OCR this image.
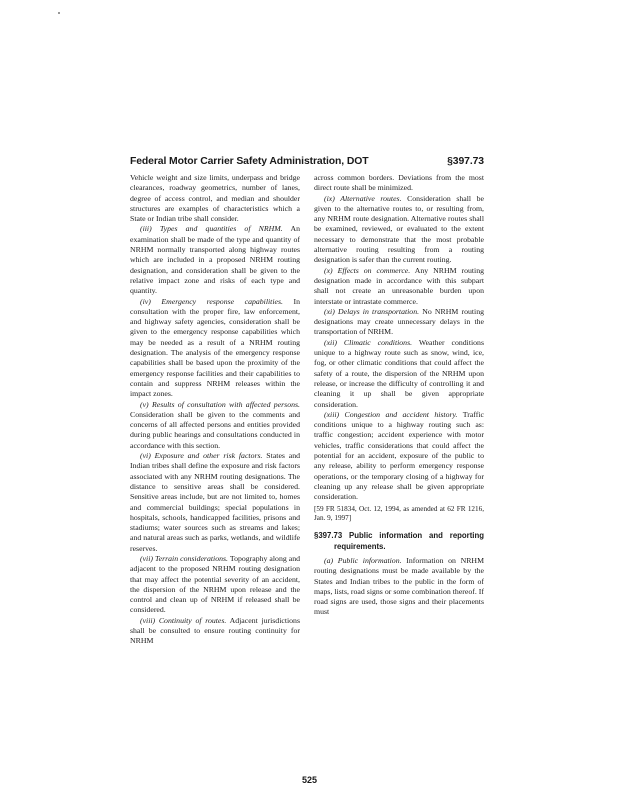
Federal Motor Carrier Safety Administration, DOT	§397.73

Vehicle weight and size limits, underpass and bridge clearances, roadway geometrics, number of lanes, degree of access control, and median and shoulder structures are examples of characteristics which a State or Indian tribe shall consider.

(iii) Types and quantities of NRHM. An examination shall be made of the type and quantity of NRHM normally transported along highway routes which are included in a proposed NRHM routing designation, and consideration shall be given to the relative impact zone and risks of each type and quantity.

(iv) Emergency response capabilities. In consultation with the proper fire, law enforcement, and highway safety agencies, consideration shall be given to the emergency response capabilities which may be needed as a result of a NRHM routing designation. The analysis of the emergency response capabilities shall be based upon the proximity of the emergency response facilities and their capabilities to contain and suppress NRHM releases within the impact zones.

(v) Results of consultation with affected persons. Consideration shall be given to the comments and concerns of all affected persons and entities provided during public hearings and consultations conducted in accordance with this section.

(vi) Exposure and other risk factors. States and Indian tribes shall define the exposure and risk factors associated with any NRHM routing designations. The distance to sensitive areas shall be considered. Sensitive areas include, but are not limited to, homes and commercial buildings; special populations in hospitals, schools, handicapped facilities, prisons and stadiums; water sources such as streams and lakes; and natural areas such as parks, wetlands, and wildlife reserves.

(vii) Terrain considerations. Topography along and adjacent to the proposed NRHM routing designation that may affect the potential severity of an accident, the dispersion of the NRHM upon release and the control and clean up of NRHM if released shall be considered.

(viii) Continuity of routes. Adjacent jurisdictions shall be consulted to ensure routing continuity for NRHM

across common borders. Deviations from the most direct route shall be minimized.

(ix) Alternative routes. Consideration shall be given to the alternative routes to, or resulting from, any NRHM route designation. Alternative routes shall be examined, reviewed, or evaluated to the extent necessary to demonstrate that the most probable alternative routing resulting from a routing designation is safer than the current routing.

(x) Effects on commerce. Any NRHM routing designation made in accordance with this subpart shall not create an unreasonable burden upon interstate or intrastate commerce.

(xi) Delays in transportation. No NRHM routing designations may create unnecessary delays in the transportation of NRHM.

(xii) Climatic conditions. Weather conditions unique to a highway route such as snow, wind, ice, fog, or other climatic conditions that could affect the safety of a route, the dispersion of the NRHM upon release, or increase the difficulty of controlling it and cleaning it up shall be given appropriate consideration.

(xiii) Congestion and accident history. Traffic conditions unique to a highway routing such as: traffic congestion; accident experience with motor vehicles, traffic considerations that could affect the potential for an accident, exposure of the public to any release, ability to perform emergency response operations, or the temporary closing of a highway for cleaning up any release shall be given appropriate consideration.

[59 FR 51834, Oct. 12, 1994, as amended at 62 FR 1216, Jan. 9, 1997]

§397.73 Public information and reporting requirements.

(a) Public information. Information on NRHM routing designations must be made available by the States and Indian tribes to the public in the form of maps, lists, road signs or some combination thereof. If road signs are used, those signs and their placements must

525
